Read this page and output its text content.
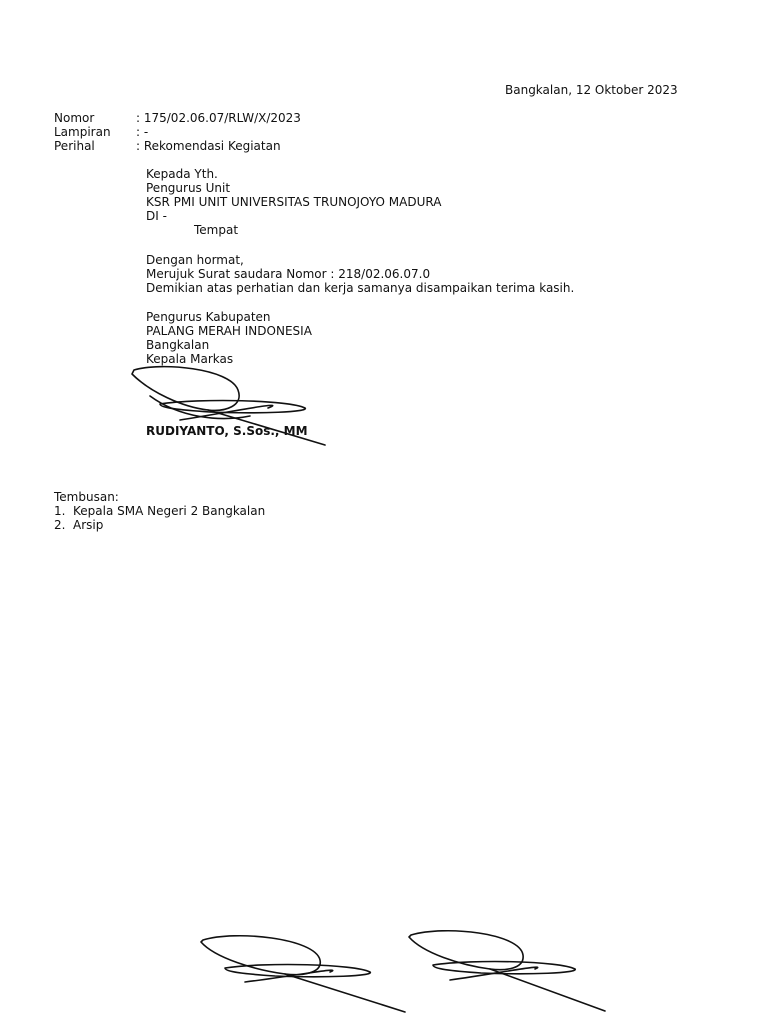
Bangkalan, 12 Oktober 2023
Nomor	: 175/02.06.07/RLW/X/2023
Lampiran : -
Perihal	: Rekomendasi Kegiatan
Kepada Yth.
Pengurus Unit
KSR PMI UNIT UNIVERSITAS TRUNOJOYO MADURA
DI -
Tempat
Dengan hormat,
Merujuk Surat saudara Nomor : 218/02.06.07.0
Demikian atas perhatian dan kerja samanya disampaikan terima kasih.
Pengurus Kabupaten
PALANG MERAH INDONESIA
Bangkalan
Kepala Markas
RUDIYANTO, S.Sos., MM
Tembusan:
1. Kepala SMA Negeri 2 Bangkalan
2. Arsip
